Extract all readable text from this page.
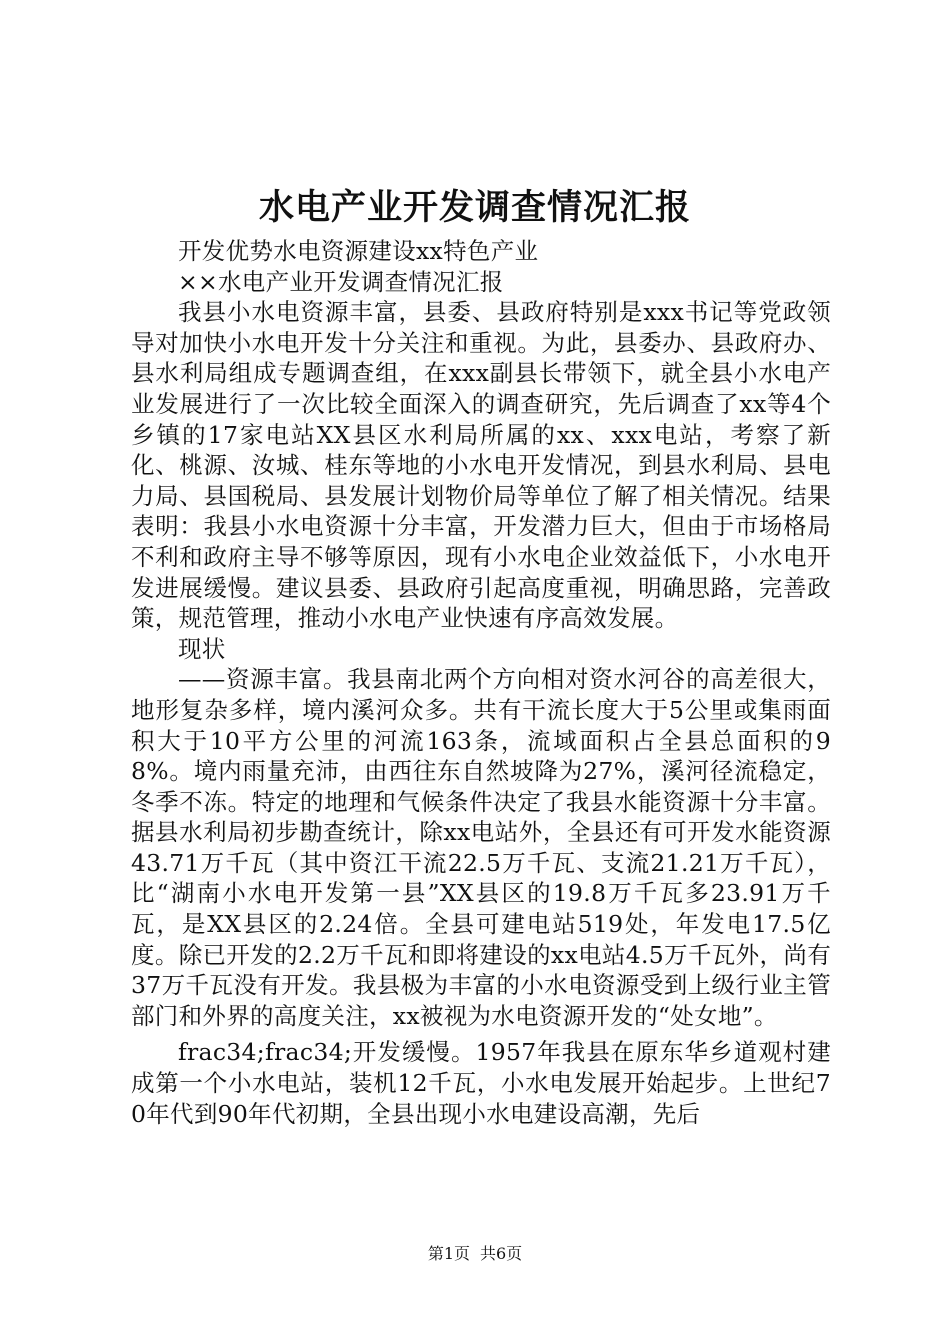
水电产业开发调查情况汇报

开发优势水电资源建设xx特色产业

××水电产业开发调查情况汇报

我县小水电资源丰富，县委、县政府特别是xxx书记等党政领导对加快小水电开发十分关注和重视。为此，县委办、县政府办、县水利局组成专题调查组，在xxx副县长带领下，就全县小水电产业发展进行了一次比较全面深入的调查研究，先后调查了xx等4个乡镇的17家电站XX县区水利局所属的xx、xxx电站，考察了新化、桃源、汝城、桂东等地的小水电开发情况，到县水利局、县电力局、县国税局、县发展计划物价局等单位了解了相关情况。结果表明：我县小水电资源十分丰富，开发潜力巨大，但由于市场格局不利和政府主导不够等原因，现有小水电企业效益低下，小水电开发进展缓慢。建议县委、县政府引起高度重视，明确思路，完善政策，规范管理，推动小水电产业快速有序高效发展。

现状

——资源丰富。我县南北两个方向相对资水河谷的高差很大，地形复杂多样，境内溪河众多。共有干流长度大于5公里或集雨面积大于10平方公里的河流163条，流域面积占全县总面积的98%。境内雨量充沛，由西往东自然坡降为27%，溪河径流稳定，冬季不冻。特定的地理和气候条件决定了我县水能资源十分丰富。据县水利局初步勘查统计，除xx电站外，全县还有可开发水能资源43.71万千瓦（其中资江干流22.5万千瓦、支流21.21万千瓦），比“湖南小水电开发第一县”XX县区的19.8万千瓦多23.91万千瓦，是XX县区的2.24倍。全县可建电站519处，年发电17.5亿度。除已开发的2.2万千瓦和即将建设的xx电站4.5万千瓦外，尚有37万千瓦没有开发。我县极为丰富的小水电资源受到上级行业主管部门和外界的高度关注，xx被视为水电资源开发的“处女地”。

frac34;frac34;开发缓慢。1957年我县在原东华乡道观村建成第一个小水电站，装机12千瓦，小水电发展开始起步。上世纪70年代到90年代初期，全县出现小水电建设高潮，先后

第1页 共6页
